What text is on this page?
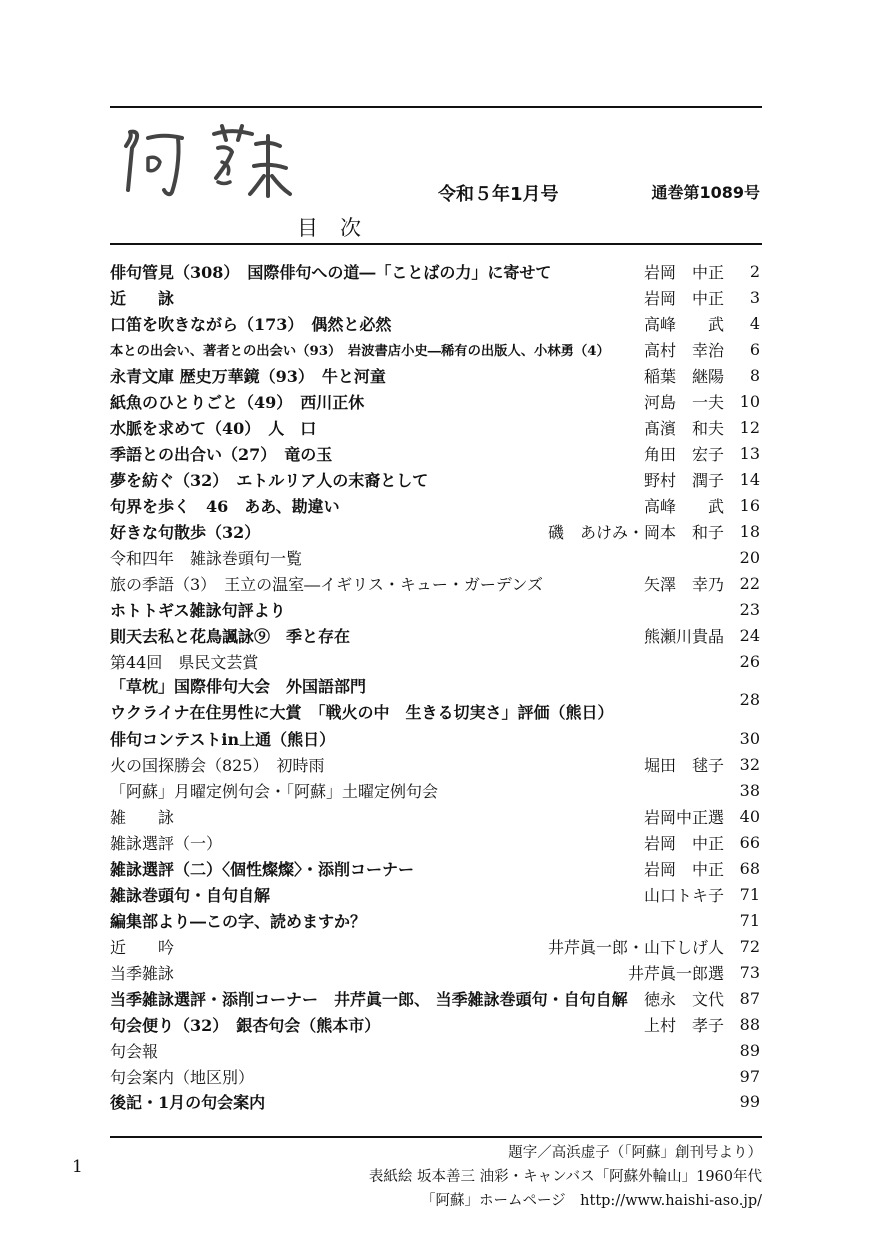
令和５年1月号	通巻第1089号
目次
俳句管見（308）　国際俳句への道―「ことばの力」に寄せて	岩岡　中正	2
近　　詠	岩岡　中正	3
口笛を吹きながら（173）　偶然と必然	高峰　　武	4
本との出会い、著者との出会い（93）　岩波書店小史―稀有の出版人、小林勇（4）	高村　幸治	6
永青文庫 歴史万華鏡（93）　牛と河童	稲葉　継陽	8
紙魚のひとりごと（49）　西川正休	河島　一夫 10
水脈を求めて（40）　人　口	髙濱　和夫 12
季語との出合い（27）　竜の玉	角田　宏子 13
夢を紡ぐ（32）　エトルリア人の末裔として	野村　潤子 14
句界を歩く　46　ああ、勘違い	高峰　　武 16
好きな句散歩（32）	磯　あけみ・岡本　和子 18
令和四年　雑詠巻頭句一覧	20
旅の季語（3）　王立の温室―イギリス・キュー・ガーデンズ	矢澤　幸乃 22
ホトトギス雑詠句評より	23
則天去私と花鳥諷詠⑨　季と存在	熊瀬川貴晶 24
第44回　県民文芸賞	26
「草枕」国際俳句大会　外国語部門
ウクライナ在住男性に大賞　「戦火の中　生きる切実さ」評価（熊日）
28
俳句コンテストin上通（熊日）	30
火の国探勝会（825）　初時雨	堀田　毬子 32
「阿蘇」月曜定例句会・「阿蘇」土曜定例句会	38
雑　　詠	岩岡中正選 40
雑詠選評（一）	岩岡　中正 66
雑詠選評（二）〈個性燦燦〉・添削コーナー	岩岡　中正 68
雑詠巻頭句・自句自解	山口トキ子 71
編集部より―この字、読めますか？	71
近　　吟	井芹眞一郎・山下しげ人 72
当季雑詠	井芹眞一郎選 73
当季雑詠選評・添削コーナー　井芹眞一郎、 当季雑詠巻頭句・自句自解	徳永　文代 87
句会便り（32）　銀杏句会（熊本市）	上村　孝子 88
句会報	89
句会案内（地区別）	97
後記・1月の句会案内	99
1
題字／高浜虚子（「阿蘇」創刊号より）
表紙絵 坂本善三 油彩・キャンバス「阿蘇外輪山」1960年代
「阿蘇」ホームページ　http://www.haishi-aso.jp/
